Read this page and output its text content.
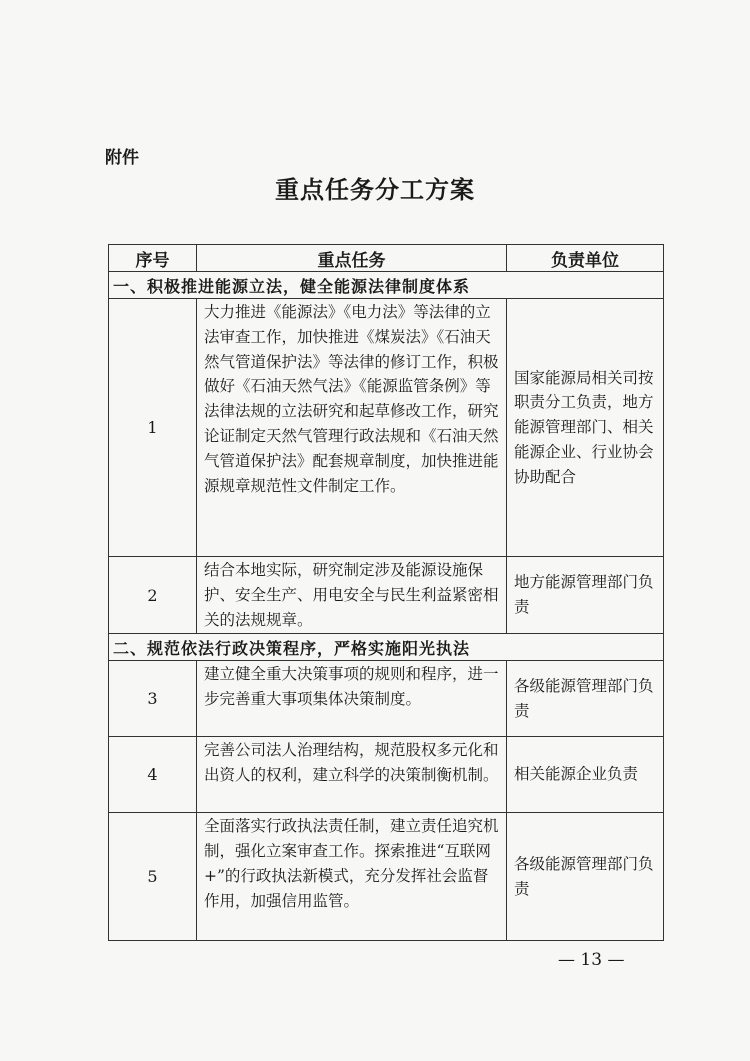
附件
重点任务分工方案
序号	重点任务	负责单位
一、积极推进能源立法，健全能源法律制度体系		
1	大力推进《能源法》《电力法》等法律的立法审查工作，加快推进《煤炭法》《石油天然气管道保护法》等法律的修订工作，积极做好《石油天然气法》《能源监管条例》等法律法规的立法研究和起草修改工作，研究论证制定天然气管理行政法规和《石油天然气管道保护法》配套规章制度，加快推进能源规章规范性文件制定工作。	国家能源局相关司按职责分工负责，地方能源管理部门、相关能源企业、行业协会协助配合
2	结合本地实际，研究制定涉及能源设施保护、安全生产、用电安全与民生利益紧密相关的法规规章。	地方能源管理部门负责
二、规范依法行政决策程序，严格实施阳光执法		
3	建立健全重大决策事项的规则和程序，进一步完善重大事项集体决策制度。	各级能源管理部门负责
4	完善公司法人治理结构，规范股权多元化和出资人的权利，建立科学的决策制衡机制。	相关能源企业负责
5	全面落实行政执法责任制，建立责任追究机制，强化立案审查工作。探索推进“互联网+”的行政执法新模式，充分发挥社会监督作用，加强信用监管。	各级能源管理部门负责
— 13 —
